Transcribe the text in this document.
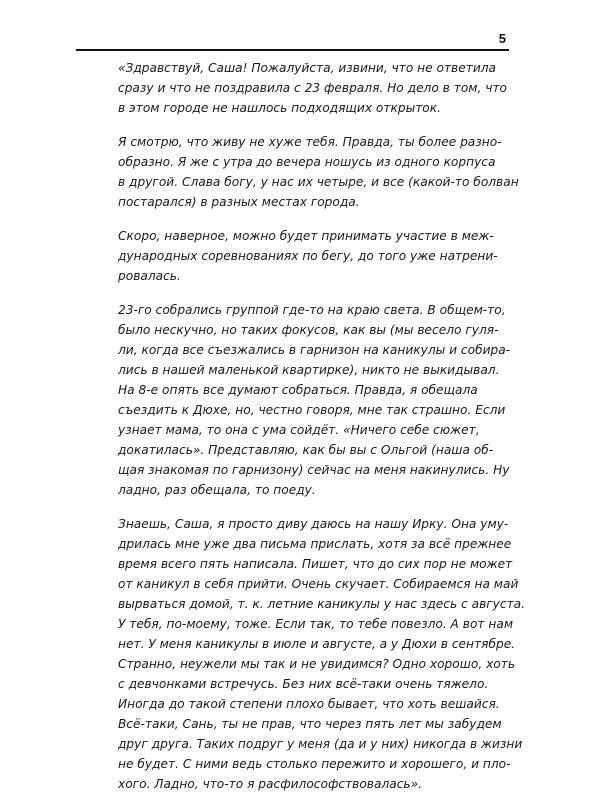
5

«Здравствуй, Саша! Пожалуйста, извини, что не ответила
сразу и что не поздравила с 23 февраля. Но дело в том, что
в этом городе не нашлось подходящих открыток.

Я смотрю, что живу не хуже тебя. Правда, ты более разно-
образно. Я же с утра до вечера ношусь из одного корпуса
в другой. Слава богу, у нас их четыре, и все (какой-то болван
постарался) в разных местах города.

Скоро, наверное, можно будет принимать участие в меж-
дународных соревнованиях по бегу, до того уже натрени-
ровалась.

23-го собрались группой где-то на краю света. В общем-то,
было нескучно, но таких фокусов, как вы (мы весело гуля-
ли, когда все съезжались в гарнизон на каникулы и собира-
лись в нашей маленькой квартирке), никто не выкидывал.
На 8-е опять все думают собраться. Правда, я обещала
съездить к Дюхе, но, честно говоря, мне так страшно. Если
узнает мама, то она с ума сойдёт. «Ничего себе сюжет,
докатилась». Представляю, как бы вы с Ольгой (наша об-
щая знакомая по гарнизону) сейчас на меня накинулись. Ну
ладно, раз обещала, то поеду.

Знаешь, Саша, я просто диву даюсь на нашу Ирку. Она уму-
дрилась мне уже два письма прислать, хотя за всё прежнее
время всего пять написала. Пишет, что до сих пор не может
от каникул в себя прийти. Очень скучает. Собираемся на май
вырваться домой, т. к. летние каникулы у нас здесь с августа.
У тебя, по-моему, тоже. Если так, то тебе повезло. А вот нам
нет. У меня каникулы в июле и августе, а у Дюхи в сентябре.
Странно, неужели мы так и не увидимся? Одно хорошо, хоть
с девчонками встречусь. Без них всё-таки очень тяжело.
Иногда до такой степени плохо бывает, что хоть вешайся.
Всё-таки, Сань, ты не прав, что через пять лет мы забудем
друг друга. Таких подруг у меня (да и у них) никогда в жизни
не будет. С ними ведь столько пережито и хорошего, и пло-
хого. Ладно, что-то я расфилософствовалась».
